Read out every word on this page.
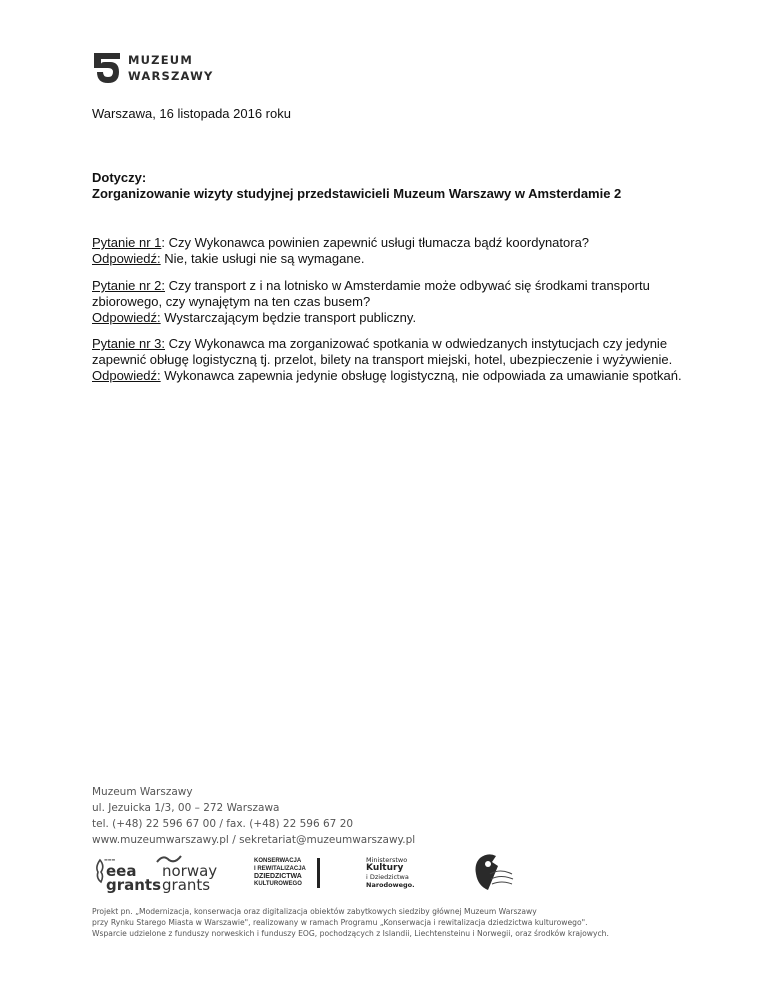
MUZEUM
WARSZAWY
Warszawa, 16 listopada 2016 roku
Dotyczy:
Zorganizowanie wizyty studyjnej przedstawicieli Muzeum Warszawy w Amsterdamie 2

Pytanie nr 1: Czy Wykonawca powinien zapewnić usługi tłumacza bądź koordynatora?

Odpowiedź: Nie, takie usługi nie są wymagane.

Pytanie nr 2: Czy transport z i na lotnisko w Amsterdamie może odbywać się środkami transportu zbiorowego, czy wynajętym na ten czas busem?

Odpowiedź: Wystarczającym będzie transport publiczny.

Pytanie nr 3: Czy Wykonawca ma zorganizować spotkania w odwiedzanych instytucjach czy jedynie zapewnić obługę logistyczną tj. przelot, bilety na transport miejski, hotel, ubezpieczenie i wyżywienie.

Odpowiedź: Wykonawca zapewnia jedynie obsługę logistyczną, nie odpowiada za umawianie spotkań.

Muzeum Warszawy
ul. Jezuicka 1/3, 00 – 272 Warszawa
tel. (+48) 22 596 67 00 / fax. (+48) 22 596 67 20
www.muzeumwarszawy.pl / sekretariat@muzeumwarszawy.pl
▬▬▬
eea
grants
norway
grants
KONSERWACJA
I REWITALIZACJA
DZIEDZICTWA
KULTUROWEGO
Ministerstwo
Kultury
i Dziedzictwa
Narodowego.
Projekt pn. „Modernizacja, konserwacja oraz digitalizacja obiektów zabytkowych siedziby głównej Muzeum Warszawy
przy Rynku Starego Miasta w Warszawie", realizowany w ramach Programu „Konserwacja i rewitalizacja dziedzictwa kulturowego".
Wsparcie udzielone z funduszy norweskich i funduszy EOG, pochodzących z Islandii, Liechtensteinu i Norwegii, oraz środków krajowych.
